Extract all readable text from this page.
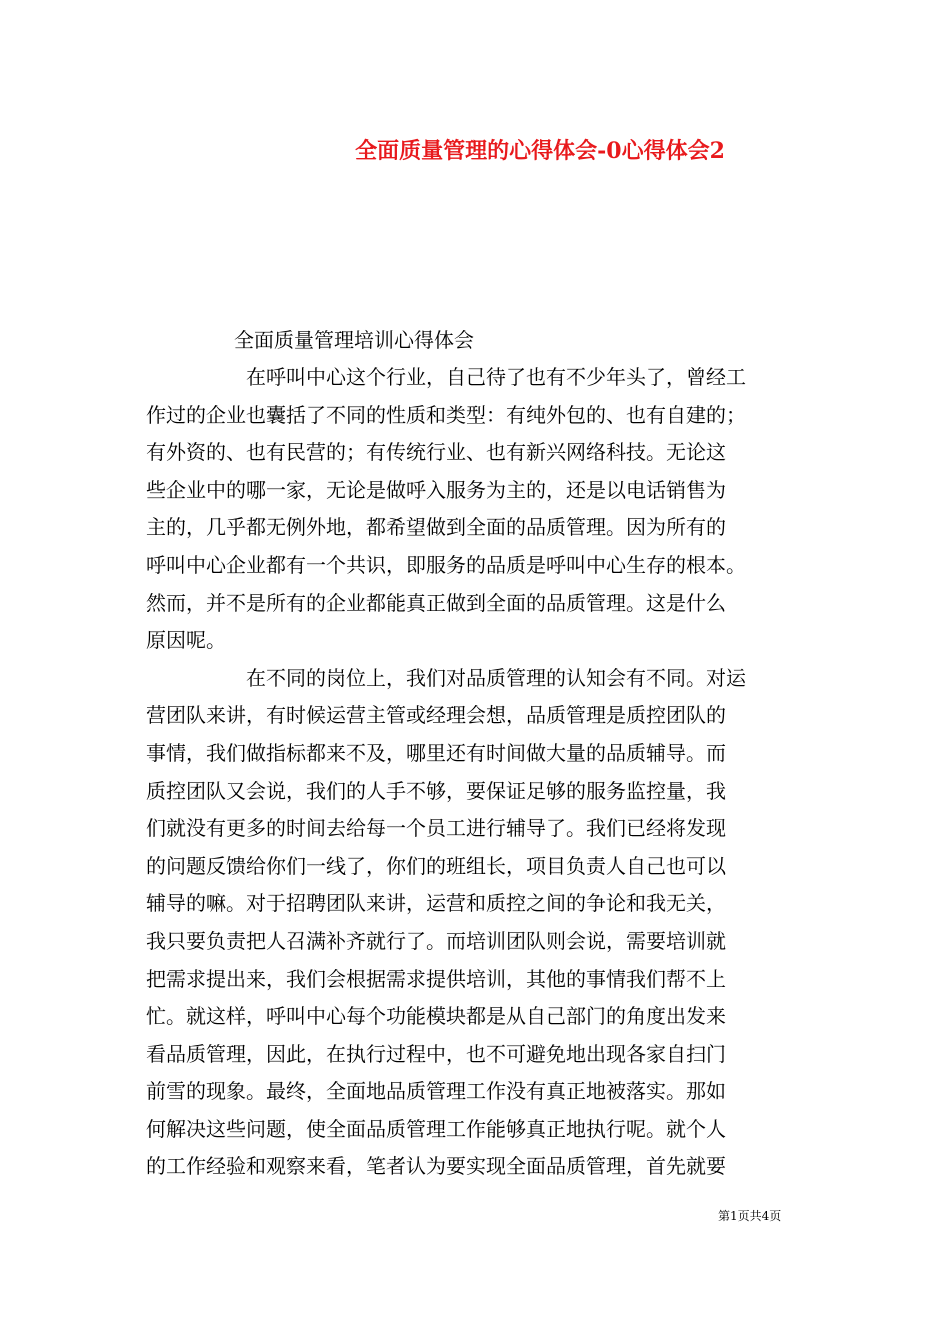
全面质量管理的心得体会-0心得体会2
全面质量管理培训心得体会
在呼叫中心这个行业，自己待了也有不少年头了，曾经工
作过的企业也囊括了不同的性质和类型：有纯外包的、也有自建的；
有外资的、也有民营的；有传统行业、也有新兴网络科技。无论这
些企业中的哪一家，无论是做呼入服务为主的，还是以电话销售为
主的，几乎都无例外地，都希望做到全面的品质管理。因为所有的
呼叫中心企业都有一个共识，即服务的品质是呼叫中心生存的根本。
然而，并不是所有的企业都能真正做到全面的品质管理。这是什么
原因呢。
在不同的岗位上，我们对品质管理的认知会有不同。对运
营团队来讲，有时候运营主管或经理会想，品质管理是质控团队的
事情，我们做指标都来不及，哪里还有时间做大量的品质辅导。而
质控团队又会说，我们的人手不够，要保证足够的服务监控量，我
们就没有更多的时间去给每一个员工进行辅导了。我们已经将发现
的问题反馈给你们一线了，你们的班组长，项目负责人自己也可以
辅导的嘛。对于招聘团队来讲，运营和质控之间的争论和我无关，
我只要负责把人召满补齐就行了。而培训团队则会说，需要培训就
把需求提出来，我们会根据需求提供培训，其他的事情我们帮不上
忙。就这样，呼叫中心每个功能模块都是从自己部门的角度出发来
看品质管理，因此，在执行过程中，也不可避免地出现各家自扫门
前雪的现象。最终，全面地品质管理工作没有真正地被落实。那如
何解决这些问题，使全面品质管理工作能够真正地执行呢。就个人
的工作经验和观察来看，笔者认为要实现全面品质管理，首先就要
第1页共4页
